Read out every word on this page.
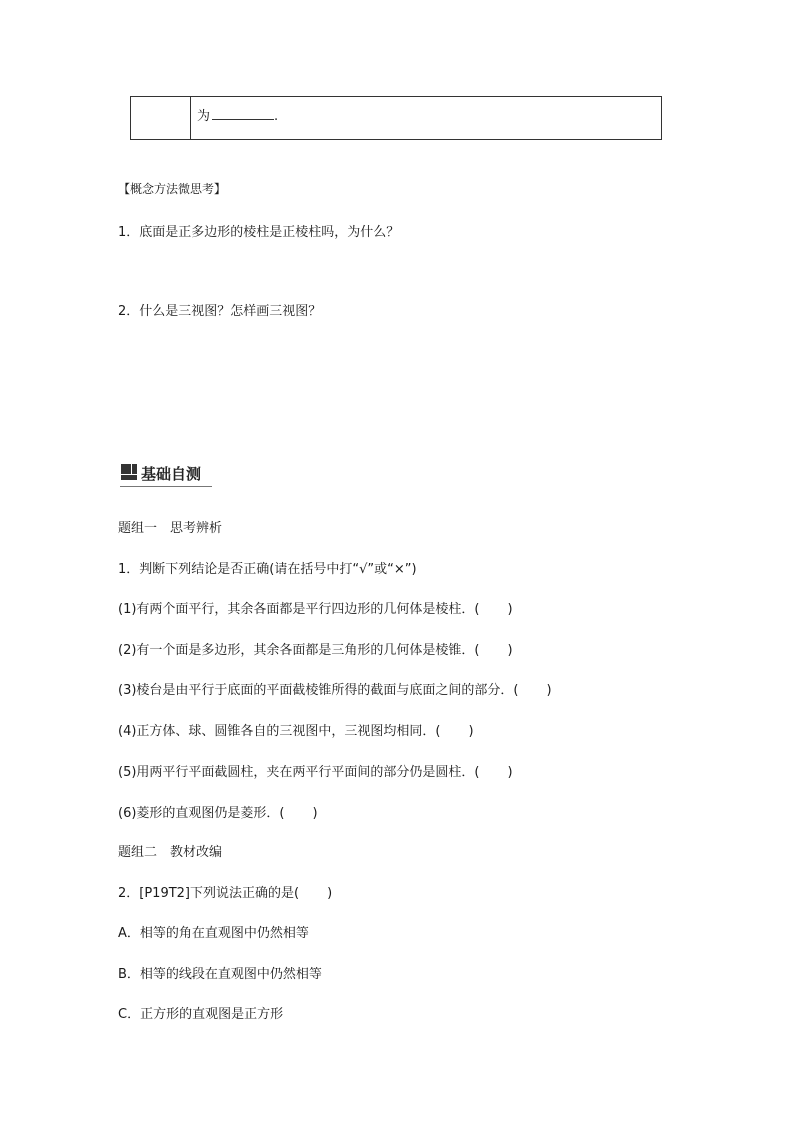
为	.
【概念方法微思考】
1．底面是正多边形的棱柱是正棱柱吗，为什么？
2．什么是三视图？怎样画三视图？
基础自测
题组一　思考辨析
1．判断下列结论是否正确(请在括号中打“√”或“×”)
(1)有两个面平行，其余各面都是平行四边形的几何体是棱柱．( )
(2)有一个面是多边形，其余各面都是三角形的几何体是棱锥．( )
(3)棱台是由平行于底面的平面截棱锥所得的截面与底面之间的部分．( )
(4)正方体、球、圆锥各自的三视图中，三视图均相同．( )
(5)用两平行平面截圆柱，夹在两平行平面间的部分仍是圆柱．( )
(6)菱形的直观图仍是菱形．( )
题组二　教材改编
2．[P19T2]下列说法正确的是( )
A．相等的角在直观图中仍然相等
B．相等的线段在直观图中仍然相等
C．正方形的直观图是正方形
